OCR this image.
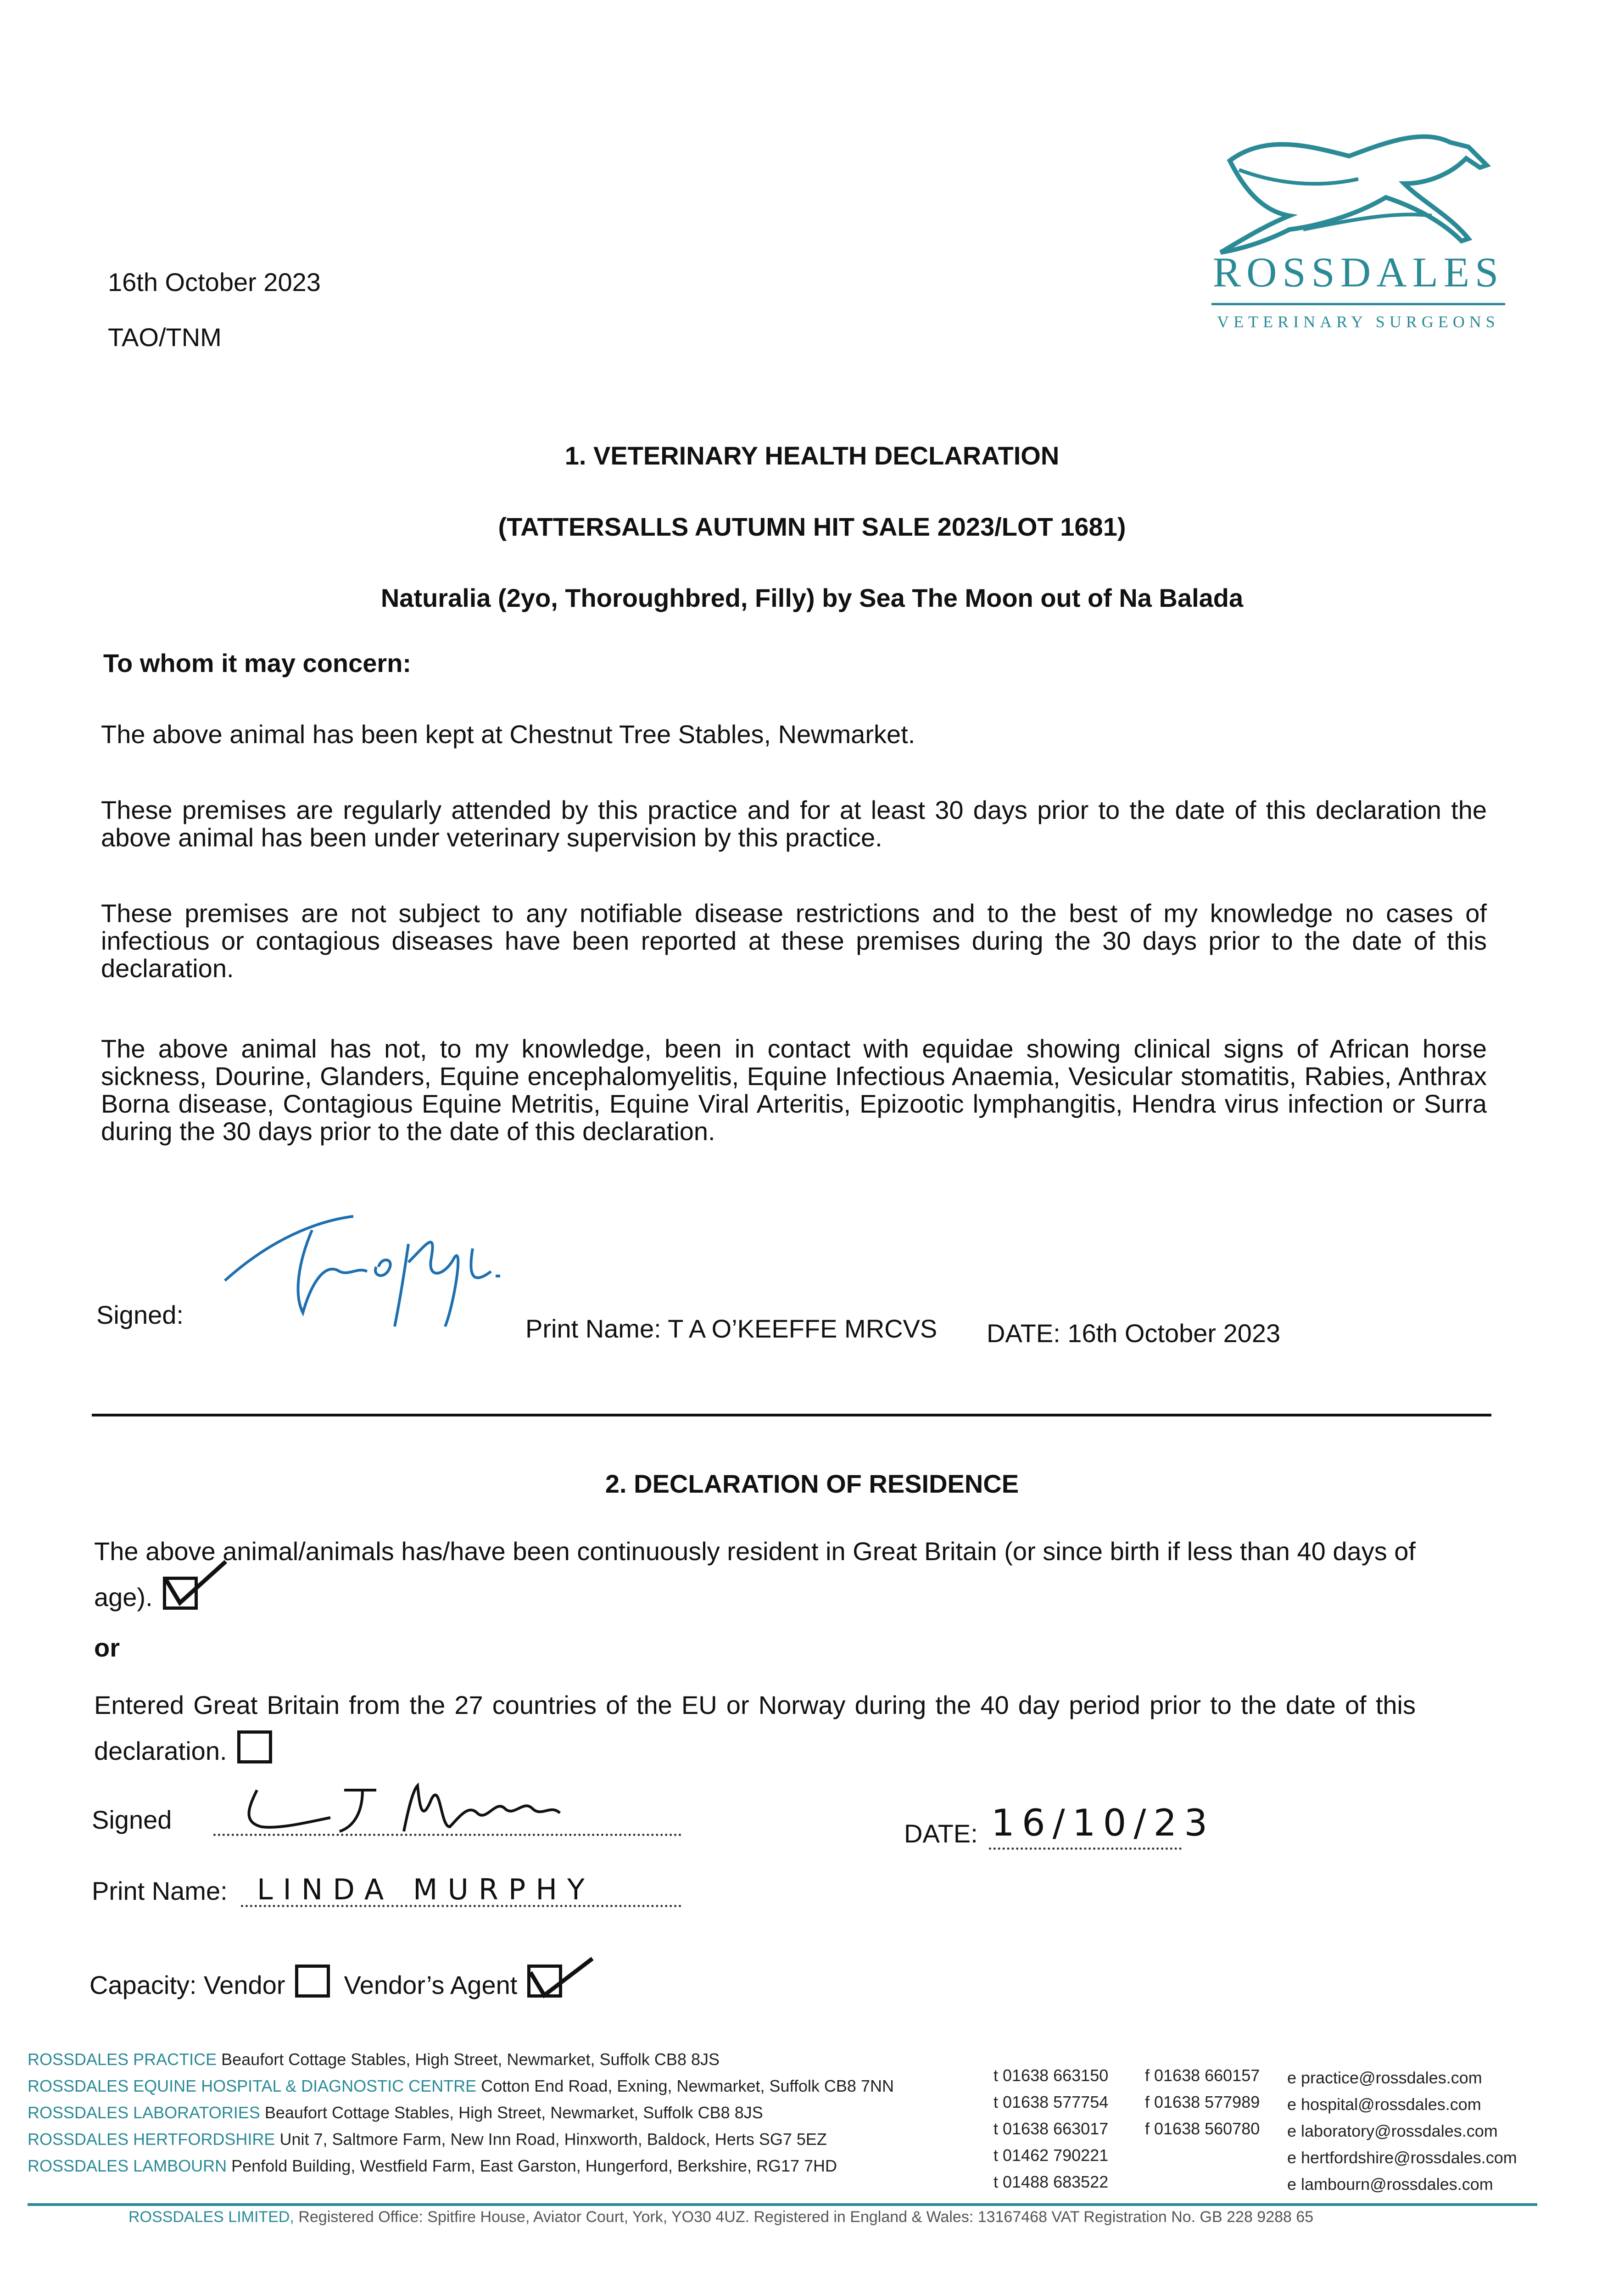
16th October 2023
TAO/TNM
ROSSDALES
VETERINARY SURGEONS
1. VETERINARY HEALTH DECLARATION
(TATTERSALLS AUTUMN HIT SALE 2023/LOT 1681)
Naturalia (2yo, Thoroughbred, Filly) by Sea The Moon out of Na Balada
To whom it may concern:
The above animal has been kept at Chestnut Tree Stables, Newmarket.
These premises are regularly attended by this practice and for at least 30 days prior to the date of this declaration the above animal has been under veterinary supervision by this practice.
These premises are not subject to any notifiable disease restrictions and to the best of my knowledge no cases of infectious or contagious diseases have been reported at these premises during the 30 days prior to the date of this declaration.
The above animal has not, to my knowledge, been in contact with equidae showing clinical signs of African horse sickness, Dourine, Glanders, Equine encephalomyelitis, Equine Infectious Anaemia, Vesicular stomatitis, Rabies, Anthrax Borna disease, Contagious Equine Metritis, Equine Viral Arteritis, Epizootic lymphangitis, Hendra virus infection or Surra during the 30 days prior to the date of this declaration.
Signed:	Print Name: T A O’KEEFFE MRCVS DATE: 16th October 2023
2. DECLARATION OF RESIDENCE
The above animal/animals has/have been continuously resident in Great Britain (or since birth if less than 40 days of age).
or
Entered Great Britain from the 27 countries of the EU or Norway during the 40 day period prior to the date of this declaration.
Signed	DATE: 16/10/23
Print Name: LINDA MURPHY
Capacity: Vendor Vendor’s Agent
ROSSDALES PRACTICE Beaufort Cottage Stables, High Street, Newmarket, Suffolk CB8 8JS
ROSSDALES EQUINE HOSPITAL & DIAGNOSTIC CENTRE Cotton End Road, Exning, Newmarket, Suffolk CB8 7NN
ROSSDALES LABORATORIES Beaufort Cottage Stables, High Street, Newmarket, Suffolk CB8 8JS
ROSSDALES HERTFORDSHIRE Unit 7, Saltmore Farm, New Inn Road, Hinxworth, Baldock, Herts SG7 5EZ
ROSSDALES LAMBOURN Penfold Building, Westfield Farm, East Garston, Hungerford, Berkshire, RG17 7HD
t 01638 663150
t 01638 577754
t 01638 663017
t 01462 790221
t 01488 683522
f 01638 660157
f 01638 577989
f 01638 560780
e practice@rossdales.com
e hospital@rossdales.com
e laboratory@rossdales.com
e hertfordshire@rossdales.com
e lambourn@rossdales.com
ROSSDALES LIMITED, Registered Office: Spitfire House, Aviator Court, York, YO30 4UZ. Registered in England & Wales: 13167468 VAT Registration No. GB 228 9288 65
